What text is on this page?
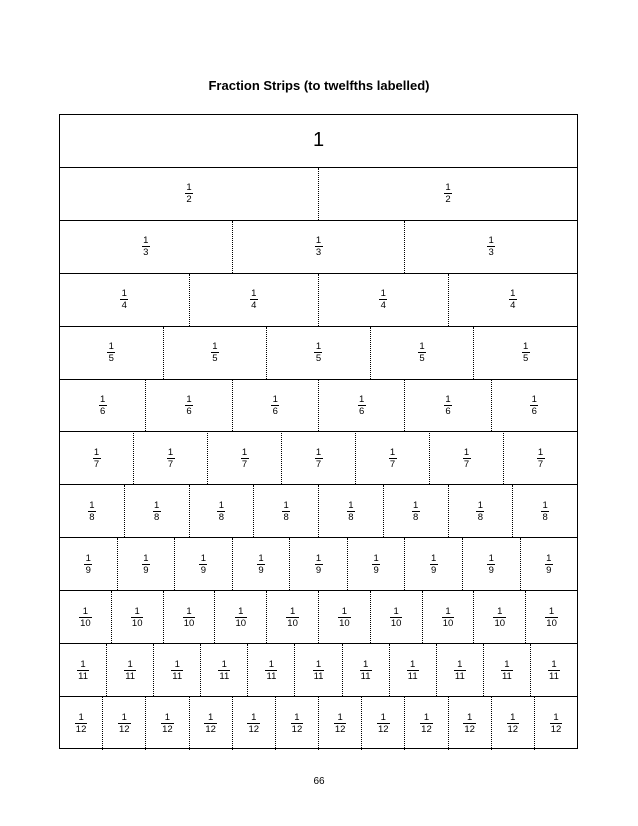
Fraction Strips (to twelfths labelled)
1
$\frac{1}{2}$	$\frac{1}{2}$
$\frac{1}{3}$	$\frac{1}{3}$	$\frac{1}{3}$
$\frac{1}{4}$	$\frac{1}{4}$	$\frac{1}{4}$	$\frac{1}{4}$
$\frac{1}{5}$	$\frac{1}{5}$	$\frac{1}{5}$	$\frac{1}{5}$	$\frac{1}{5}$
$\frac{1}{6}$	$\frac{1}{6}$	$\frac{1}{6}$	$\frac{1}{6}$	$\frac{1}{6}$	$\frac{1}{6}$
$\frac{1}{7}$	$\frac{1}{7}$	$\frac{1}{7}$	$\frac{1}{7}$	$\frac{1}{7}$	$\frac{1}{7}$	$\frac{1}{7}$
$\frac{1}{8}$	$\frac{1}{8}$	$\frac{1}{8}$	$\frac{1}{8}$	$\frac{1}{8}$	$\frac{1}{8}$	$\frac{1}{8}$	$\frac{1}{8}$
$\frac{1}{9}$	$\frac{1}{9}$	$\frac{1}{9}$	$\frac{1}{9}$	$\frac{1}{9}$	$\frac{1}{9}$	$\frac{1}{9}$	$\frac{1}{9}$	$\frac{1}{9}$
$\frac{1}{10}$	$\frac{1}{10}$	$\frac{1}{10}$	$\frac{1}{10}$	$\frac{1}{10}$	$\frac{1}{10}$	$\frac{1}{10}$	$\frac{1}{10}$	$\frac{1}{10}$	$\frac{1}{10}$
$\frac{1}{11}$	$\frac{1}{11}$	$\frac{1}{11}$	$\frac{1}{11}$	$\frac{1}{11}$	$\frac{1}{11}$	$\frac{1}{11}$	$\frac{1}{11}$	$\frac{1}{11}$	$\frac{1}{11}$	$\frac{1}{11}$
$\frac{1}{12}$	$\frac{1}{12}$	$\frac{1}{12}$	$\frac{1}{12}$	$\frac{1}{12}$	$\frac{1}{12}$	$\frac{1}{12}$	$\frac{1}{12}$	$\frac{1}{12}$	$\frac{1}{12}$	$\frac{1}{12}$	$\frac{1}{12}$
66
